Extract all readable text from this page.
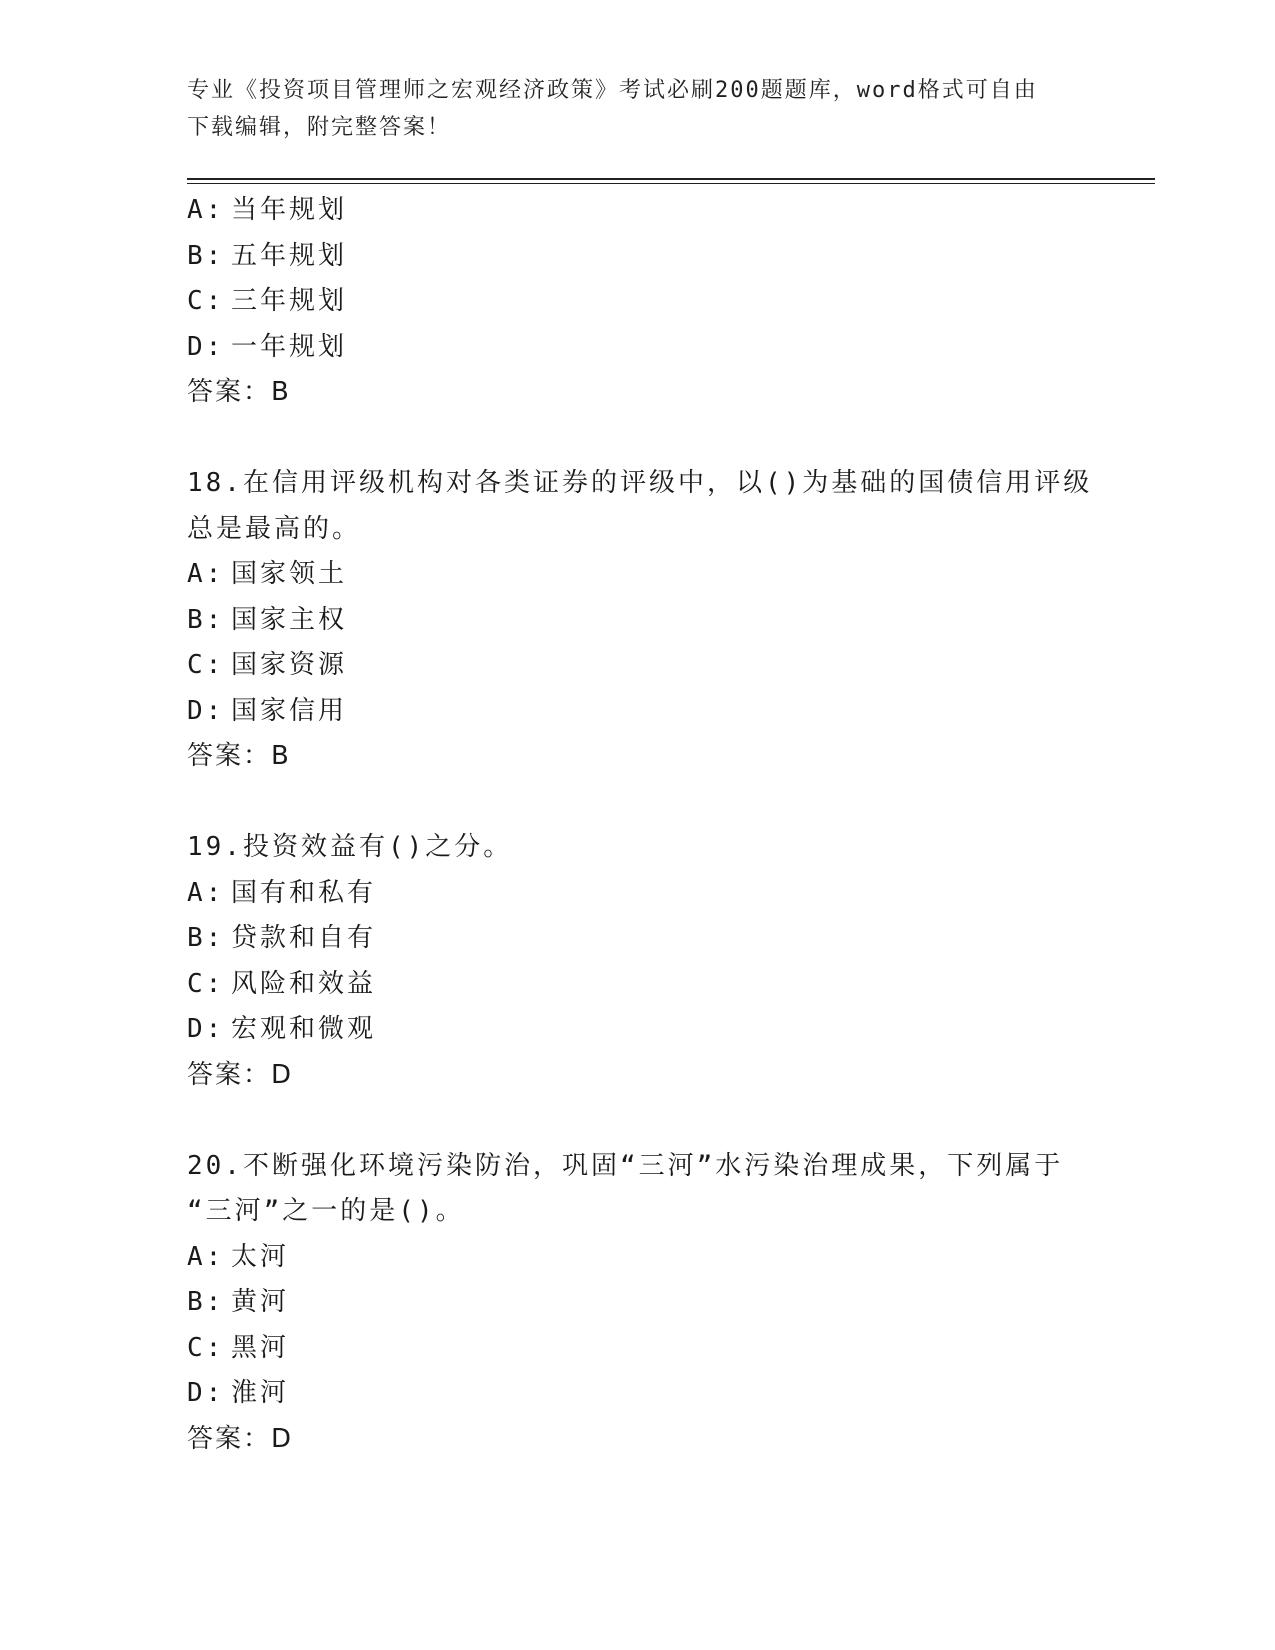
专业《投资项目管理师之宏观经济政策》考试必刷200题题库，word格式可自由
下载编辑，附完整答案！
A: 当年规划
B: 五年规划
C: 三年规划
D: 一年规划
答案：B
18.在信用评级机构对各类证券的评级中，以()为基础的国债信用评级
总是最高的。
A: 国家领土
B: 国家主权
C: 国家资源
D: 国家信用
答案：B
19.投资效益有()之分。
A: 国有和私有
B: 贷款和自有
C: 风险和效益
D: 宏观和微观
答案：D
20.不断强化环境污染防治，巩固“三河”水污染治理成果，下列属于
“三河”之一的是()。
A: 太河
B: 黄河
C: 黑河
D: 淮河
答案：D
